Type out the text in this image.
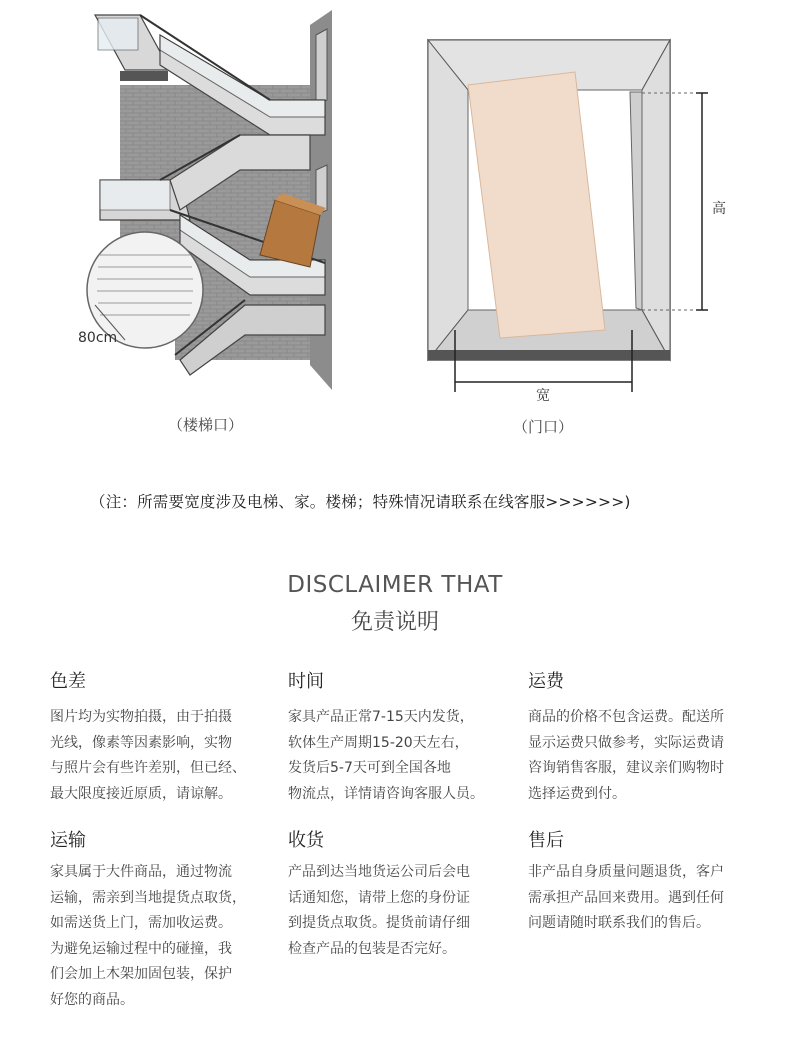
80cm
（楼梯口）
高
宽
（门口）
（注：所需要宽度涉及电梯、家。楼梯；特殊情况请联系在线客服>>>>>>)
DISCLAIMER THAT
免责说明
色差
图片均为实物拍摄，由于拍摄
光线，像素等因素影响，实物
与照片会有些许差别，但已经、
最大限度接近原质，请谅解。
时间
家具产品正常7-15天内发货，
软体生产周期15-20天左右，
发货后5-7天可到全国各地
物流点，详情请咨询客服人员。
运费
商品的价格不包含运费。配送所
显示运费只做参考，实际运费请
咨询销售客服，建议亲们购物时
选择运费到付。
运输
家具属于大件商品，通过物流
运输，需亲到当地提货点取货，
如需送货上门，需加收运费。
为避免运输过程中的碰撞，我
们会加上木架加固包装，保护
好您的商品。
收货
产品到达当地货运公司后会电
话通知您，请带上您的身份证
到提货点取货。提货前请仔细
检查产品的包装是否完好。
售后
非产品自身质量问题退货，客户
需承担产品回来费用。遇到任何
问题请随时联系我们的售后。
